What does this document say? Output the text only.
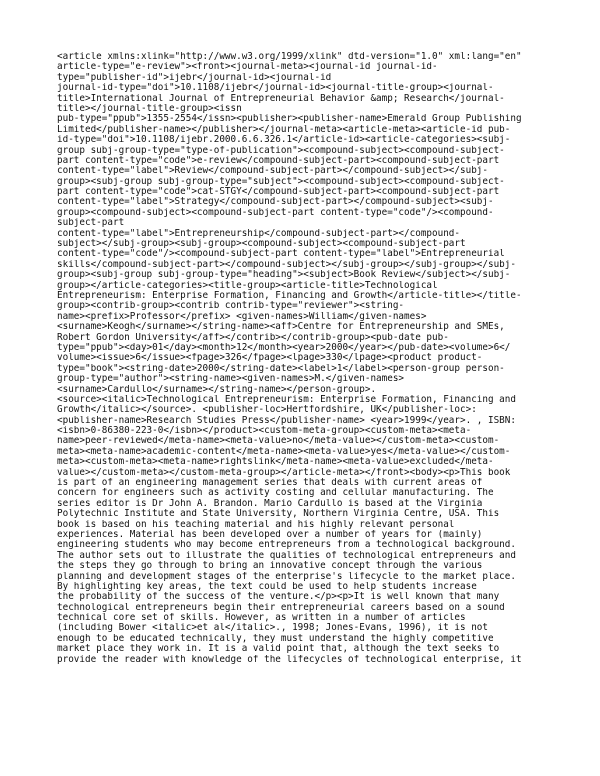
<article xmlns:xlink="http://www.w3.org/1999/xlink" dtd-version="1.0" xml:lang="en"
article-type="e-review"><front><journal-meta><journal-id journal-id-
type="publisher-id">ijebr</journal-id><journal-id
journal-id-type="doi">10.1108/ijebr</journal-id><journal-title-group><journal-
title>International Journal of Entrepreneurial Behavior &amp; Research</journal-
title></journal-title-group><issn
pub-type="ppub">1355-2554</issn><publisher><publisher-name>Emerald Group Publishing
Limited</publisher-name></publisher></journal-meta><article-meta><article-id pub-
id-type="doi">10.1108/ijebr.2000.6.6.326.1</article-id><article-categories><subj-
group subj-group-type="type-of-publication"><compound-subject><compound-subject-
part content-type="code">e-review</compound-subject-part><compound-subject-part
content-type="label">Review</compound-subject-part></compound-subject></subj-
group><subj-group subj-group-type="subject"><compound-subject><compound-subject-
part content-type="code">cat-STGY</compound-subject-part><compound-subject-part
content-type="label">Strategy</compound-subject-part></compound-subject><subj-
group><compound-subject><compound-subject-part content-type="code"/><compound-
subject-part
content-type="label">Entrepreneurship</compound-subject-part></compound-
subject></subj-group><subj-group><compound-subject><compound-subject-part
content-type="code"/><compound-subject-part content-type="label">Entrepreneurial
skills</compound-subject-part></compound-subject></subj-group></subj-group></subj-
group><subj-group subj-group-type="heading"><subject>Book Review</subject></subj-
group></article-categories><title-group><article-title>Technological
Entrepreneurism: Enterprise Formation, Financing and Growth</article-title></title-
group><contrib-group><contrib contrib-type="reviewer"><string-
name><prefix>Professor</prefix> <given-names>William</given-names>
<surname>Keogh</surname></string-name><aff>Centre for Entrepreneurship and SMEs,
Robert Gordon University</aff></contrib></contrib-group><pub-date pub-
type="ppub"><day>01</day><month>12</month><year>2000</year></pub-date><volume>6</
volume><issue>6</issue><fpage>326</fpage><lpage>330</lpage><product product-
type="book"><string-date>2000</string-date><label>1</label><person-group person-
group-type="author"><string-name><given-names>M.</given-names>
<surname>Cardullo</surname></string-name></person-group>.
<source><italic>Technological Entrepreneurism: Enterprise Formation, Financing and
Growth</italic></source>. <publisher-loc>Hertfordshire, UK</publisher-loc>:
<publisher-name>Research Studies Press</publisher-name> <year>1999</year>. , ISBN:
<isbn>0-86380-223-0</isbn></product><custom-meta-group><custom-meta><meta-
name>peer-reviewed</meta-name><meta-value>no</meta-value></custom-meta><custom-
meta><meta-name>academic-content</meta-name><meta-value>yes</meta-value></custom-
meta><custom-meta><meta-name>rightslink</meta-name><meta-value>excluded</meta-
value></custom-meta></custom-meta-group></article-meta></front><body><p>This book
is part of an engineering management series that deals with current areas of
concern for engineers such as activity costing and cellular manufacturing. The
series editor is Dr John A. Brandon. Mario Cardullo is based at the Virginia
Polytechnic Institute and State University, Northern Virginia Centre, USA. This
book is based on his teaching material and his highly relevant personal
experiences. Material has been developed over a number of years for (mainly)
engineering students who may become entrepreneurs from a technological background.
The author sets out to illustrate the qualities of technological entrepreneurs and
the steps they go through to bring an innovative concept through the various
planning and development stages of the enterprise's lifecycle to the market place.
By highlighting key areas, the text could be used to help students increase
the probability of the success of the venture.</p><p>It is well known that many
technological entrepreneurs begin their entrepreneurial careers based on a sound
technical core set of skills. However, as written in a number of articles
(including Bower <italic>et al</italic>., 1998; Jones-Evans, 1996), it is not
enough to be educated technically, they must understand the highly competitive
market place they work in. It is a valid point that, although the text seeks to
provide the reader with knowledge of the lifecycles of technological enterprise, it
